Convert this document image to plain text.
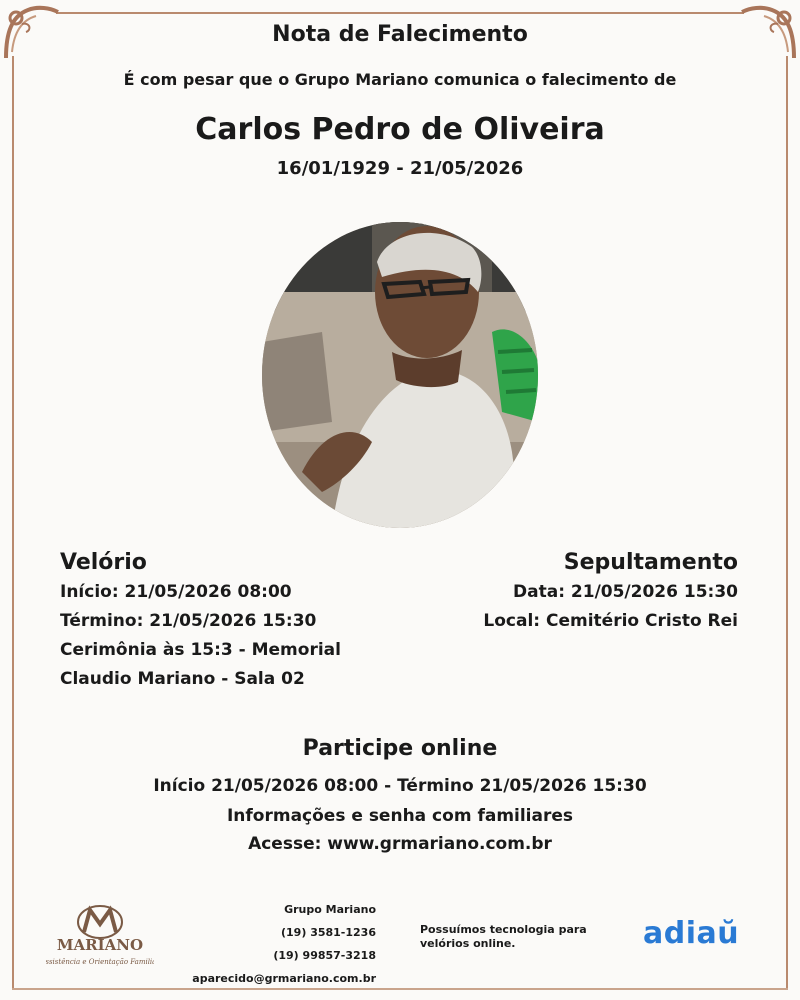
Nota de Falecimento
É com pesar que o Grupo Mariano comunica o falecimento de
Carlos Pedro de Oliveira
16/01/1929 - 21/05/2026
Velório
Início: 21/05/2026 08:00
Término: 21/05/2026 15:30
Cerimônia às 15:3 - Memorial
Claudio Mariano - Sala 02
Sepultamento
Data: 21/05/2026 15:30
Local: Cemitério Cristo Rei
Participe online
Início 21/05/2026 08:00 - Término 21/05/2026 15:30
Informações e senha com familiares
Acesse: www.grmariano.com.br
MARIANO
Assistência e Orientação Familiar
Grupo Mariano
(19) 3581-1236
(19) 99857-3218
aparecido@grmariano.com.br
Possuímos tecnologia para
velórios online.	adiaŭ
